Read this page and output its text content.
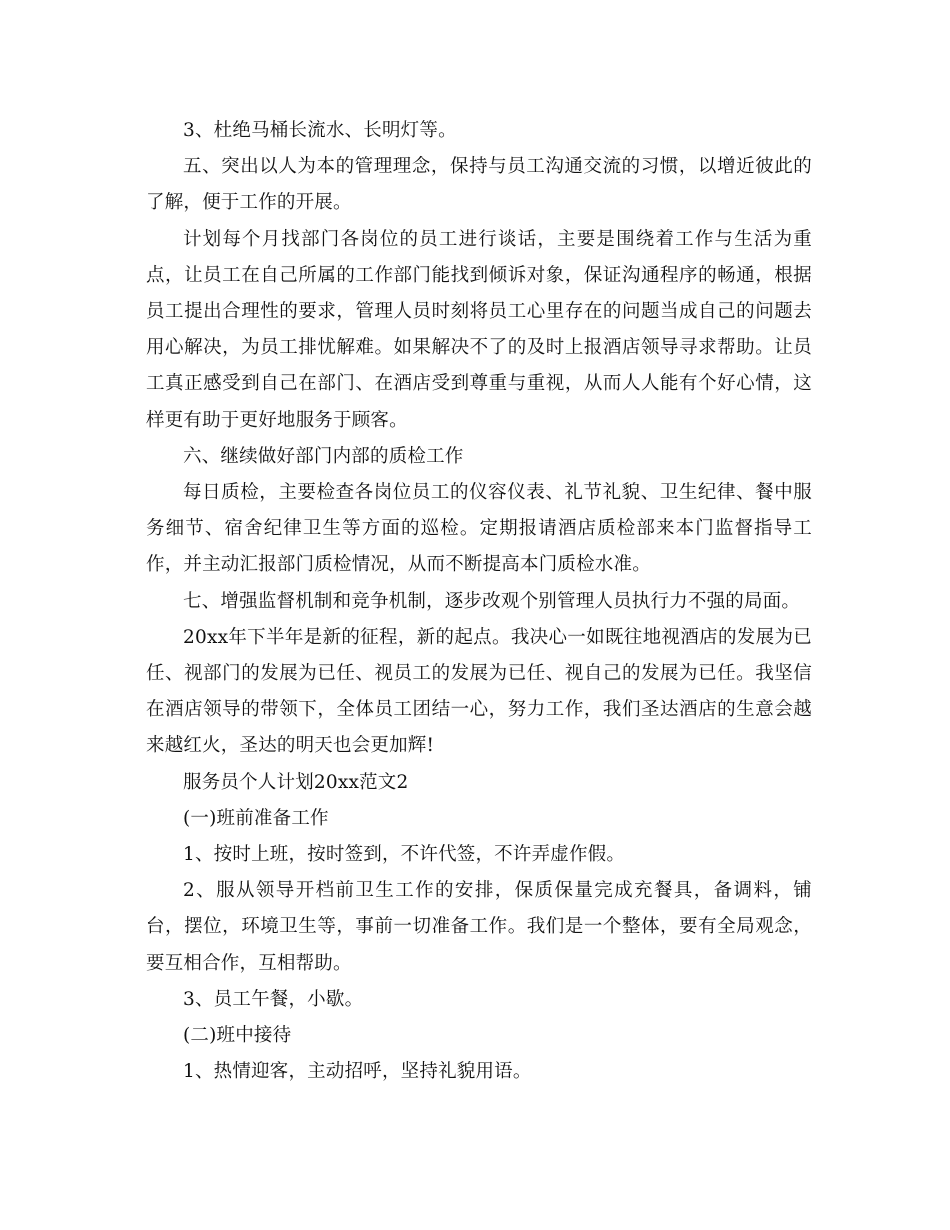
3、杜绝马桶长流水、长明灯等。

五、突出以人为本的管理理念，保持与员工沟通交流的习惯，以增近彼此的了解，便于工作的开展。

计划每个月找部门各岗位的员工进行谈话，主要是围绕着工作与生活为重点，让员工在自己所属的工作部门能找到倾诉对象，保证沟通程序的畅通，根据员工提出合理性的要求，管理人员时刻将员工心里存在的问题当成自己的问题去用心解决，为员工排忧解难。如果解决不了的及时上报酒店领导寻求帮助。让员工真正感受到自己在部门、在酒店受到尊重与重视，从而人人能有个好心情，这样更有助于更好地服务于顾客。

六、继续做好部门内部的质检工作

每日质检，主要检查各岗位员工的仪容仪表、礼节礼貌、卫生纪律、餐中服务细节、宿舍纪律卫生等方面的巡检。定期报请酒店质检部来本门监督指导工作，并主动汇报部门质检情况，从而不断提高本门质检水准。

七、增强监督机制和竞争机制，逐步改观个别管理人员执行力不强的局面。

20xx年下半年是新的征程，新的起点。我决心一如既往地视酒店的发展为已任、视部门的发展为已任、视员工的发展为已任、视自己的发展为已任。我坚信在酒店领导的带领下，全体员工团结一心，努力工作，我们圣达酒店的生意会越来越红火，圣达的明天也会更加辉!

服务员个人计划20xx范文2

(一)班前准备工作

1、按时上班，按时签到，不许代签，不许弄虚作假。

2、服从领导开档前卫生工作的安排，保质保量完成充餐具，备调料，铺台，摆位，环境卫生等，事前一切准备工作。我们是一个整体，要有全局观念，要互相合作，互相帮助。

3、员工午餐，小歇。

(二)班中接待

1、热情迎客，主动招呼，坚持礼貌用语。
